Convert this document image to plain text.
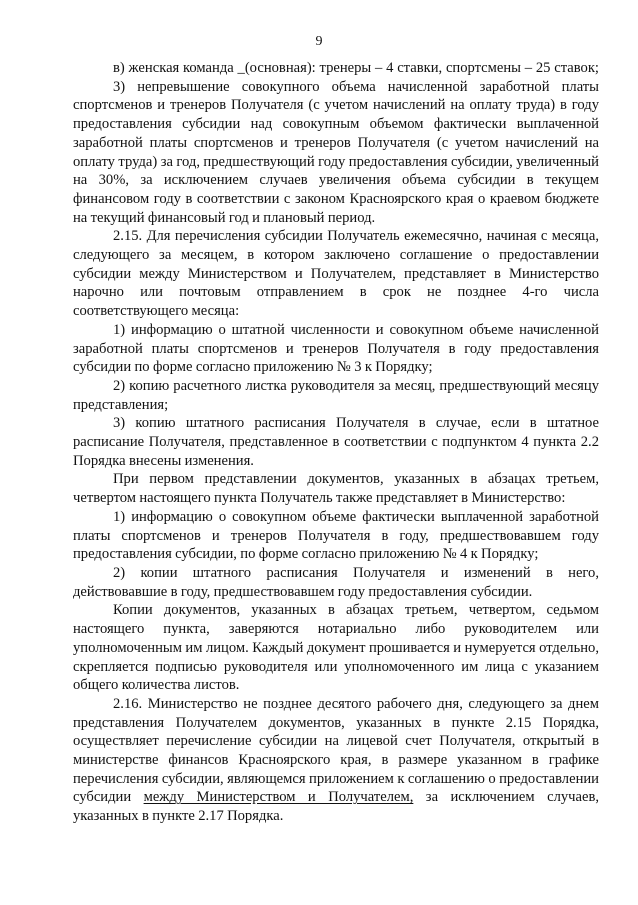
9

в) женская команда _(основная): тренеры – 4 ставки, спортсмены – 25 ставок;

3) непревышение совокупного объема начисленной заработной платы спортсменов и тренеров Получателя (с учетом начислений на оплату труда) в году предоставления субсидии над совокупным объемом фактически выплаченной заработной платы спортсменов и тренеров Получателя (с учетом начислений на оплату труда) за год, предшествующий году предоставления субсидии, увеличенный на 30%, за исключением случаев увеличения объема субсидии в текущем финансовом году в соответствии с законом Красноярского края о краевом бюджете на текущий финансовый год и плановый период.

2.15. Для перечисления субсидии Получатель ежемесячно, начиная с месяца, следующего за месяцем, в котором заключено соглашение о предоставлении субсидии между Министерством и Получателем, представляет в Министерство нарочно или почтовым отправлением в срок не позднее 4-го числа соответствующего месяца:

1) информацию о штатной численности и совокупном объеме начисленной заработной платы спортсменов и тренеров Получателя в году предоставления субсидии по форме согласно приложению № 3 к Порядку;

2) копию расчетного листка руководителя за месяц, предшествующий месяцу представления;

3) копию штатного расписания Получателя в случае, если в штатное расписание Получателя, представленное в соответствии с подпунктом 4 пункта 2.2 Порядка внесены изменения.

При первом представлении документов, указанных в абзацах третьем, четвертом настоящего пункта Получатель также представляет в Министерство:

1) информацию о совокупном объеме фактически выплаченной заработной платы спортсменов и тренеров Получателя в году, предшествовавшем году предоставления субсидии, по форме согласно приложению № 4 к Порядку;

2) копии штатного расписания Получателя и изменений в него, действовавшие в году, предшествовавшем году предоставления субсидии.

Копии документов, указанных в абзацах третьем, четвертом, седьмом настоящего пункта, заверяются нотариально либо руководителем или уполномоченным им лицом. Каждый документ прошивается и нумеруется отдельно, скрепляется подписью руководителя или уполномоченного им лица с указанием общего количества листов.

2.16. Министерство не позднее десятого рабочего дня, следующего за днем представления Получателем документов, указанных в пункте 2.15 Порядка, осуществляет перечисление субсидии на лицевой счет Получателя, открытый в министерстве финансов Красноярского края, в размере указанном в графике перечисления субсидии, являющемся приложением к соглашению о предоставлении субсидии между Министерством и Получателем, за исключением случаев, указанных в пункте 2.17 Порядка.
